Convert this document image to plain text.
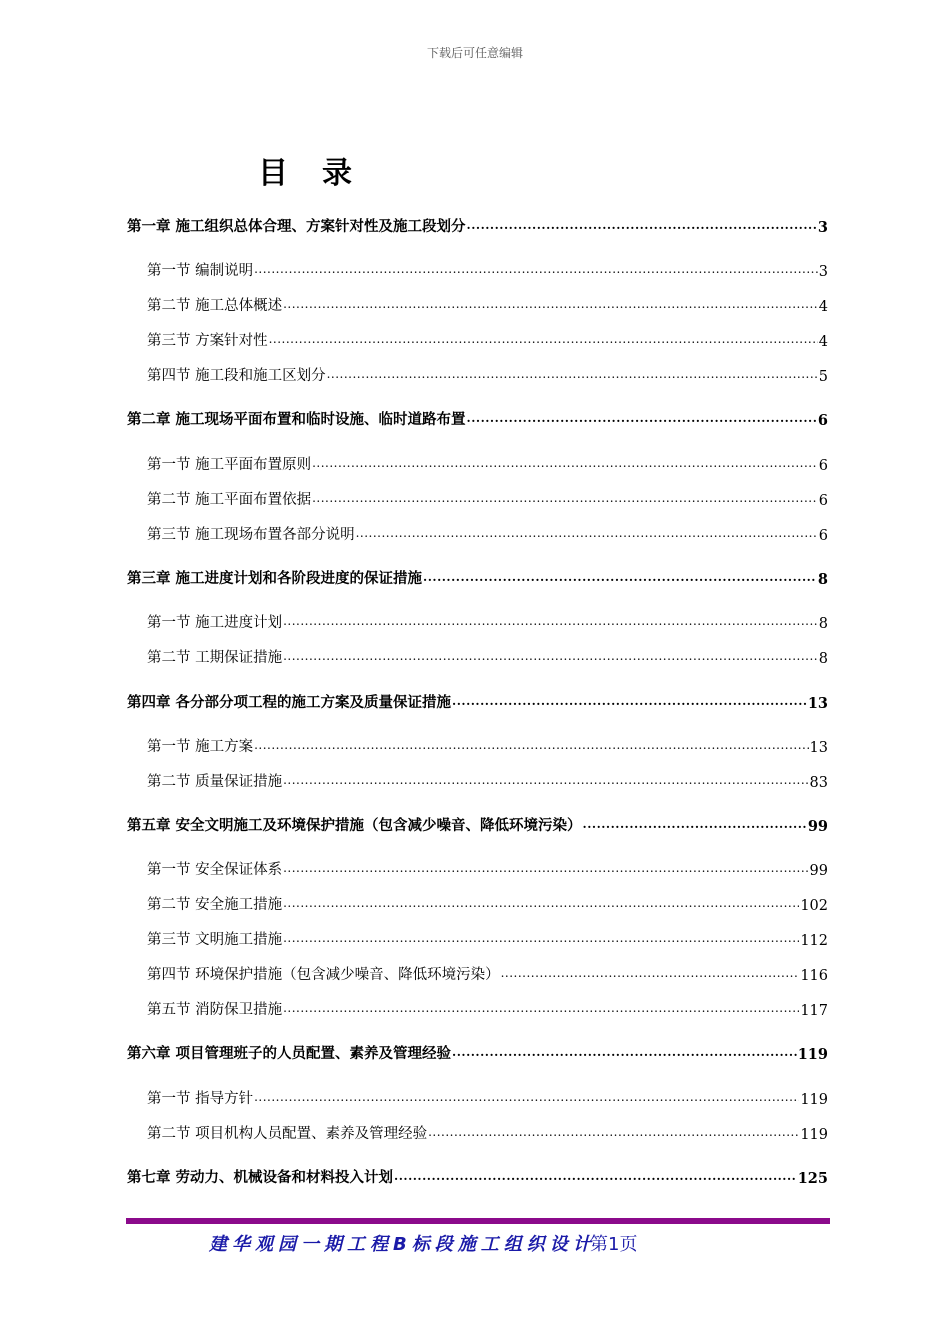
下载后可任意编辑
目录
第一章 施工组织总体合理、方案针对性及施工段划分 .....	3
第一节 编制说明 .....	3
第二节 施工总体概述 .....	4
第三节 方案针对性 .....	4
第四节 施工段和施工区划分 .....	5
第二章 施工现场平面布置和临时设施、临时道路布置 .....	6
第一节 施工平面布置原则 .....	6
第二节 施工平面布置依据 .....	6
第三节 施工现场布置各部分说明 .....	6
第三章 施工进度计划和各阶段进度的保证措施 .....	8
第一节 施工进度计划 .....	8
第二节 工期保证措施 .....	8
第四章 各分部分项工程的施工方案及质量保证措施 .....	13
第一节 施工方案 .....	13
第二节 质量保证措施 .....	83
第五章 安全文明施工及环境保护措施（包含减少噪音、降低环境污染） .....	99
第一节 安全保证体系 .....	99
第二节 安全施工措施 .....	102
第三节 文明施工措施 .....	112
第四节 环境保护措施（包含减少噪音、降低环境污染） .....	116
第五节 消防保卫措施 .....	117
第六章 项目管理班子的人员配置、素养及管理经验 .....	119
第一节 指导方针 .....	119
第二节 项目机构人员配置、素养及管理经验 .....	119
第七章 劳动力、机械设备和材料投入计划 .....	125
建华观园一期工程B标段施工组织设计
第1页
